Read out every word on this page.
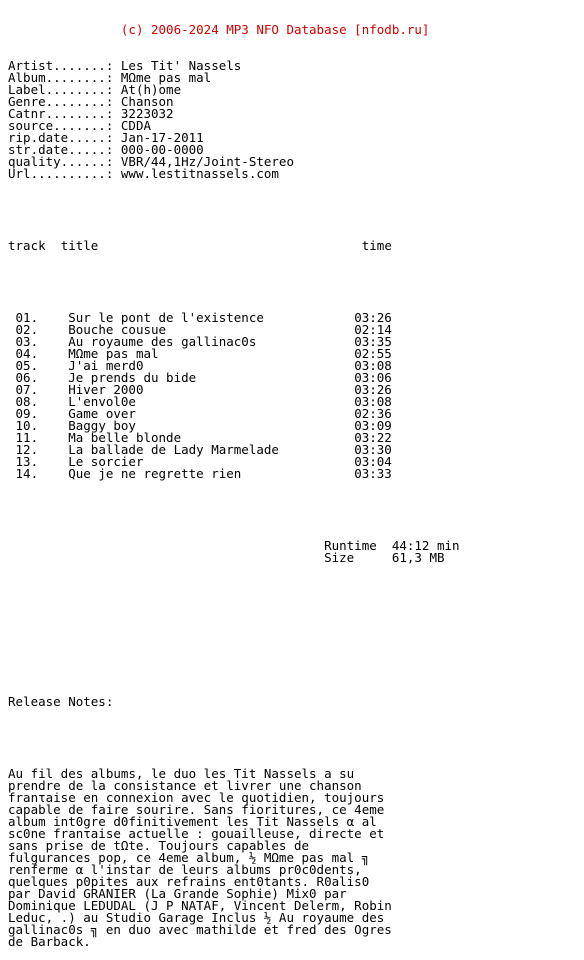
(c) 2006-2024 MP3 NFO Database [nfodb.ru]

Artist.......: Les Tit' Nassels
Album........: MΩme pas mal
Label........: At(h)ome
Genre........: Chanson
Catnr........: 3223032
source.......: CDDA
rip.date.....: Jan-17-2011
str.date.....: 000-00-0000
quality......: VBR/44,1Hz/Joint-Stereo
Url..........: www.lestitnassels.com

track title	time

01. Sur le pont de l'existence	03:26
02. Bouche cousue	02:14
03. Au royaume des gallinac0s	03:35
04. MΩme pas mal	02:55
05. J'ai merd0	03:08
06. Je prends du bide	03:06
07. Hiver 2000	03:26
08. L'envol0e	03:08
09. Game over	02:36
10. Baggy boy	03:09
11. Ma belle blonde	03:22
12. La ballade de Lady Marmelade	03:30
13. Le sorcier	03:04
14. Que je ne regrette rien	03:33

Runtime 44:12 min
Size	61,3 MB

Release Notes:

Au fil des albums, le duo les Tit Nassels a su
prendre de la consistance et livrer une chanson
franτaise en connexion avec le quotidien, toujours
capable de faire sourire. Sans fioritures, ce 4eme
album int0gre d0finitivement les Tit Nassels α al
sc0ne franτaise actuelle : gouailleuse, directe et
sans prise de tΩte. Toujours capables de
fulgurances pop, ce 4eme album, ½ MΩme pas mal ╗
renferme α l'instar de leurs albums pr0c0dents,
quelques p0pites aux refrains ent0tants. R0alis0
par David GRANIER (La Grande Sophie) Mix0 par
Dominique LEDUDAL (J P NATAF, Vincent Delerm, Robin
Leduc, .) au Studio Garage Inclus ½ Au royaume des
gallinac0s ╗ en duo avec mathilde et fred des Ogres
de Barback.
